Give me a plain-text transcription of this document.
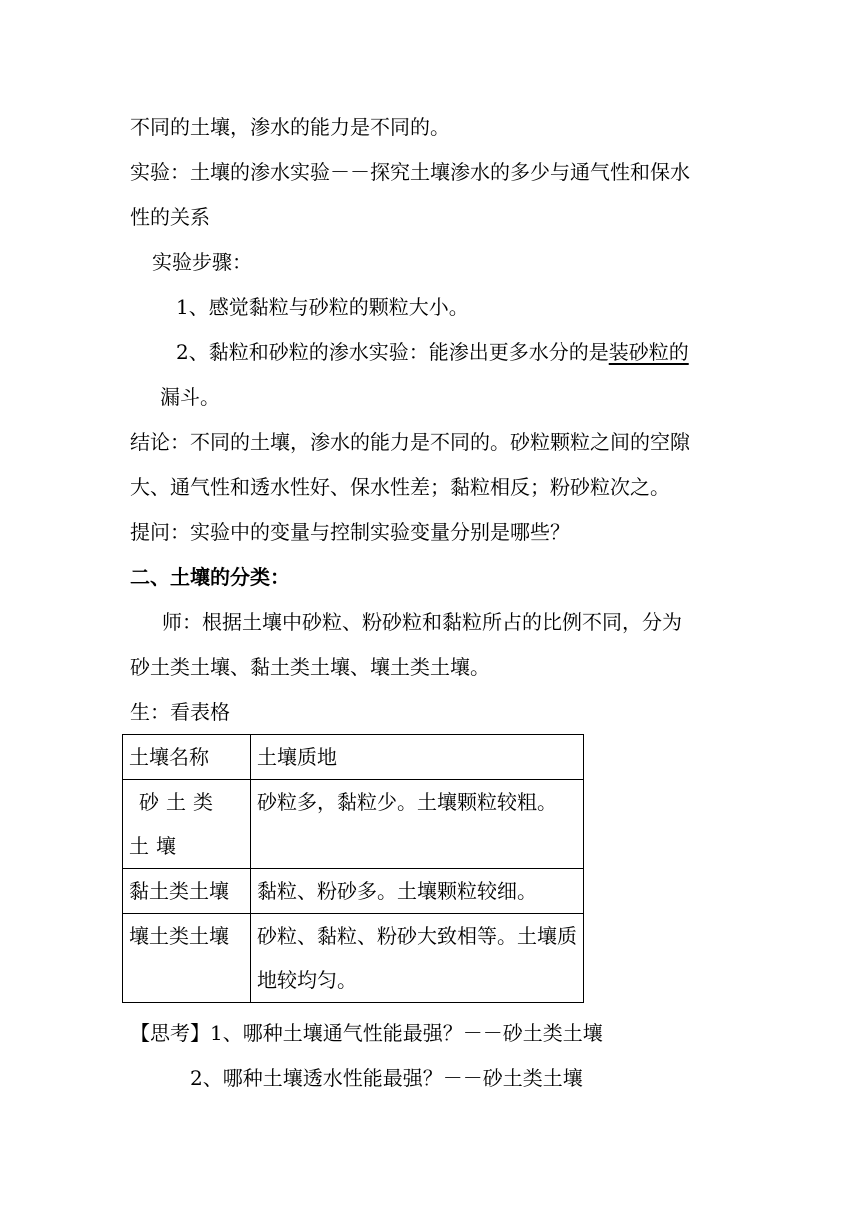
不同的土壤，渗水的能力是不同的。
实验：土壤的渗水实验－－探究土壤渗水的多少与通气性和保水
性的关系
实验步骤：
1、感觉黏粒与砂粒的颗粒大小。
2、黏粒和砂粒的渗水实验：能渗出更多水分的是装砂粒的
漏斗。
结论：不同的土壤，渗水的能力是不同的。砂粒颗粒之间的空隙
大、通气性和透水性好、保水性差；黏粒相反；粉砂粒次之。
提问：实验中的变量与控制实验变量分别是哪些？
二、土壤的分类：
师：根据土壤中砂粒、粉砂粒和黏粒所占的比例不同，分为
砂土类土壤、黏土类土壤、壤土类土壤。
生：看表格
土壤名称	土壤质地
砂土类土壤	砂粒多，黏粒少。土壤颗粒较粗。
黏土类土壤	黏粒、粉砂多。土壤颗粒较细。
壤土类土壤	砂粒、黏粒、粉砂大致相等。土壤质地较均匀。
【思考】1、哪种土壤通气性能最强？－－砂土类土壤
2、哪种土壤透水性能最强？－－砂土类土壤
